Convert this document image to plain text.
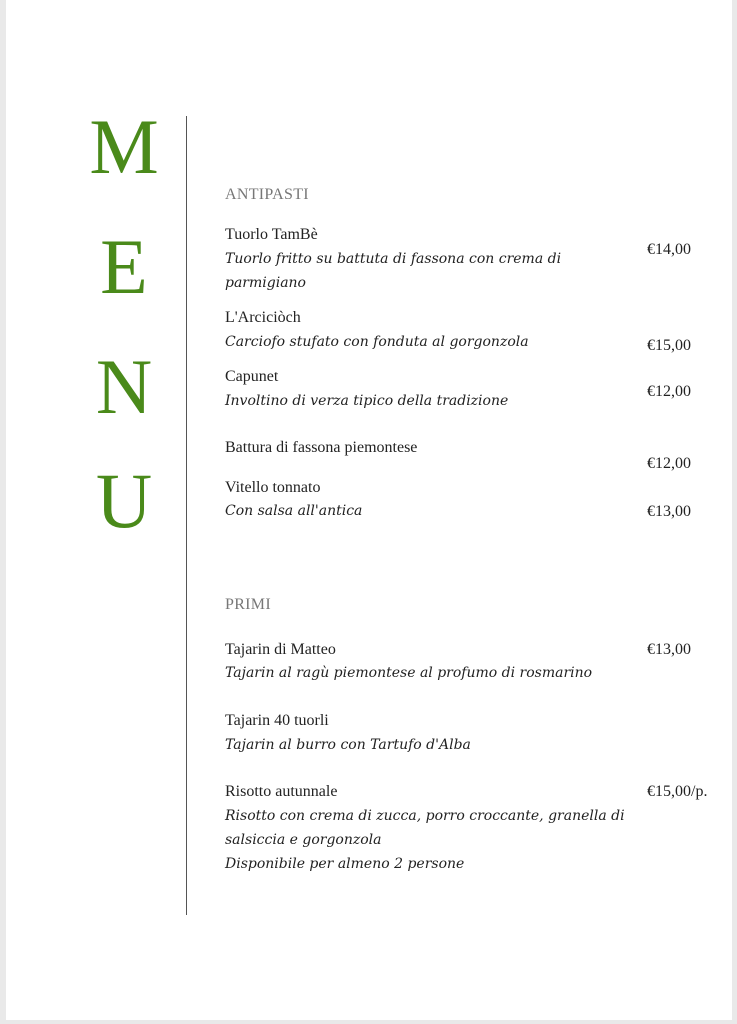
M
E
N
U
ANTIPASTI
Tuorlo TamBè
Tuorlo fritto su battuta di fassona con crema di parmigiano
€14,00
L'Arciciòch
Carciofo stufato con fonduta al gorgonzola	€15,00
Capunet
Involtino di verza tipico della tradizione
€12,00
Battura di fassona piemontese
€12,00
Vitello tonnato
Con salsa all'antica	€13,00
PRIMI
Tajarin di Matteo
Tajarin al ragù piemontese al profumo di rosmarino
€13,00
Tajarin 40 tuorli
Tajarin al burro con Tartufo d'Alba
Risotto autunnale
Risotto con crema di zucca, porro croccante, granella di salsiccia e gorgonzola
Disponibile per almeno 2 persone
€15,00/p.
